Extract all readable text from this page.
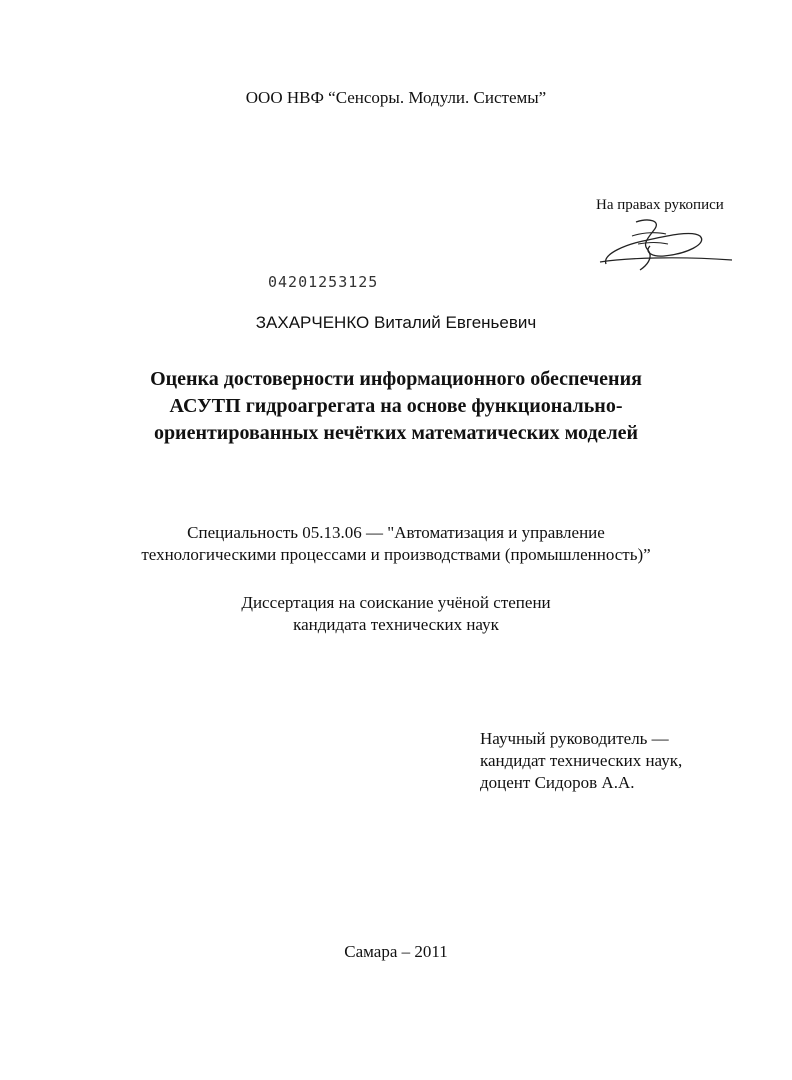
ООО НВФ “Сенсоры. Модули. Системы”
На правах рукописи
04201253125
ЗАХАРЧЕНКО Виталий Евгеньевич
Оценка достоверности информационного обеспечения
АСУТП гидроагрегата на основе функционально-
ориентированных нечётких математических моделей
Специальность 05.13.06 — "Автоматизация и управление
технологическими процессами и производствами (промышленность)”
Диссертация на соискание учёной степени
кандидата технических наук
Научный руководитель —
кандидат технических наук,
доцент Сидоров А.А.
Самара – 2011
